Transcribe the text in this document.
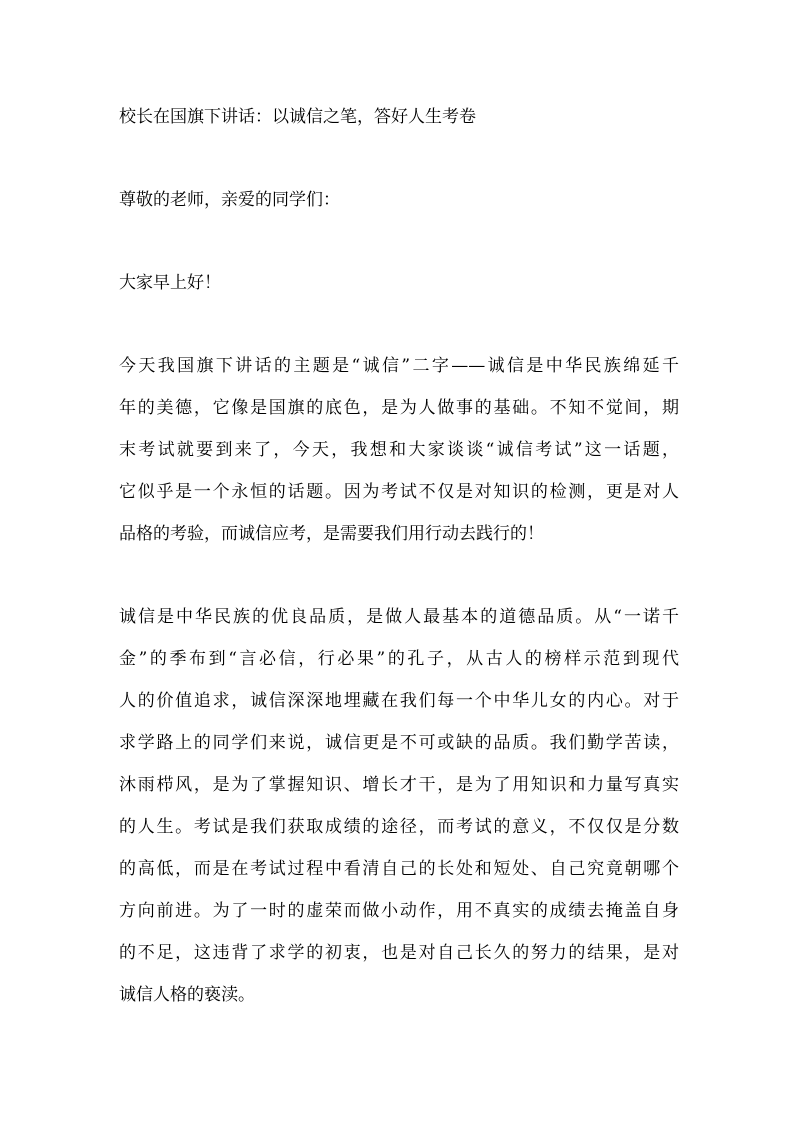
校长在国旗下讲话：以诚信之笔，答好人生考卷

尊敬的老师，亲爱的同学们：

大家早上好！

今天我国旗下讲话的主题是“诚信”二字——诚信是中华民族绵延千

年的美德，它像是国旗的底色，是为人做事的基础。不知不觉间，期

末考试就要到来了，今天，我想和大家谈谈“诚信考试”这一话题，

它似乎是一个永恒的话题。因为考试不仅是对知识的检测，更是对人

品格的考验，而诚信应考，是需要我们用行动去践行的！

诚信是中华民族的优良品质，是做人最基本的道德品质。从“一诺千

金”的季布到“言必信，行必果”的孔子，从古人的榜样示范到现代

人的价值追求，诚信深深地埋藏在我们每一个中华儿女的内心。对于

求学路上的同学们来说，诚信更是不可或缺的品质。我们勤学苦读，

沐雨栉风，是为了掌握知识、增长才干，是为了用知识和力量写真实

的人生。考试是我们获取成绩的途径，而考试的意义，不仅仅是分数

的高低，而是在考试过程中看清自己的长处和短处、自己究竟朝哪个

方向前进。为了一时的虚荣而做小动作，用不真实的成绩去掩盖自身

的不足，这违背了求学的初衷，也是对自己长久的努力的结果，是对

诚信人格的亵渎。
